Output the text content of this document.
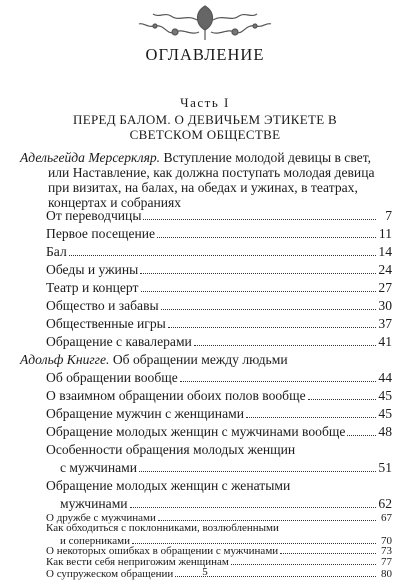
ОГЛАВЛЕНИЕ
Часть I
ПЕРЕД БАЛОМ. О ДЕВИЧЬЕМ ЭТИКЕТЕ В СВЕТСКОМ ОБЩЕСТВЕ
Адельгейда Мерсеркляр. Вступление молодой девицы в свет,
или Наставление, как должна поступать молодая девица при визитах, на балах, на обедах и ужинах, в театрах, концертах и собраниях
От переводчицы	7
Первое посещение	11
Бал	14
Обеды и ужины	24
Театр и концерт	27
Общество и забавы	30
Общественные игры	37
Обращение с кавалерами	41
Адольф Книгге. Об обращении между людьми
Об обращении вообще	44
О взаимном обращении обоих полов вообще	45
Обращение мужчин с женщинами	45
Обращение молодых женщин с мужчинами вообще 48
Особенности обращения молодых женщин
с мужчинами	51
Обращение молодых женщин с женатыми
мужчинами	62
О дружбе с мужчинами	67
Как обходиться с поклонниками, возлюбленными
и соперниками	70
5
О некоторых ошибках в обращении с мужчинами	73
Как вести себя непригожим женщинам	77
О супружеском обращении	80
